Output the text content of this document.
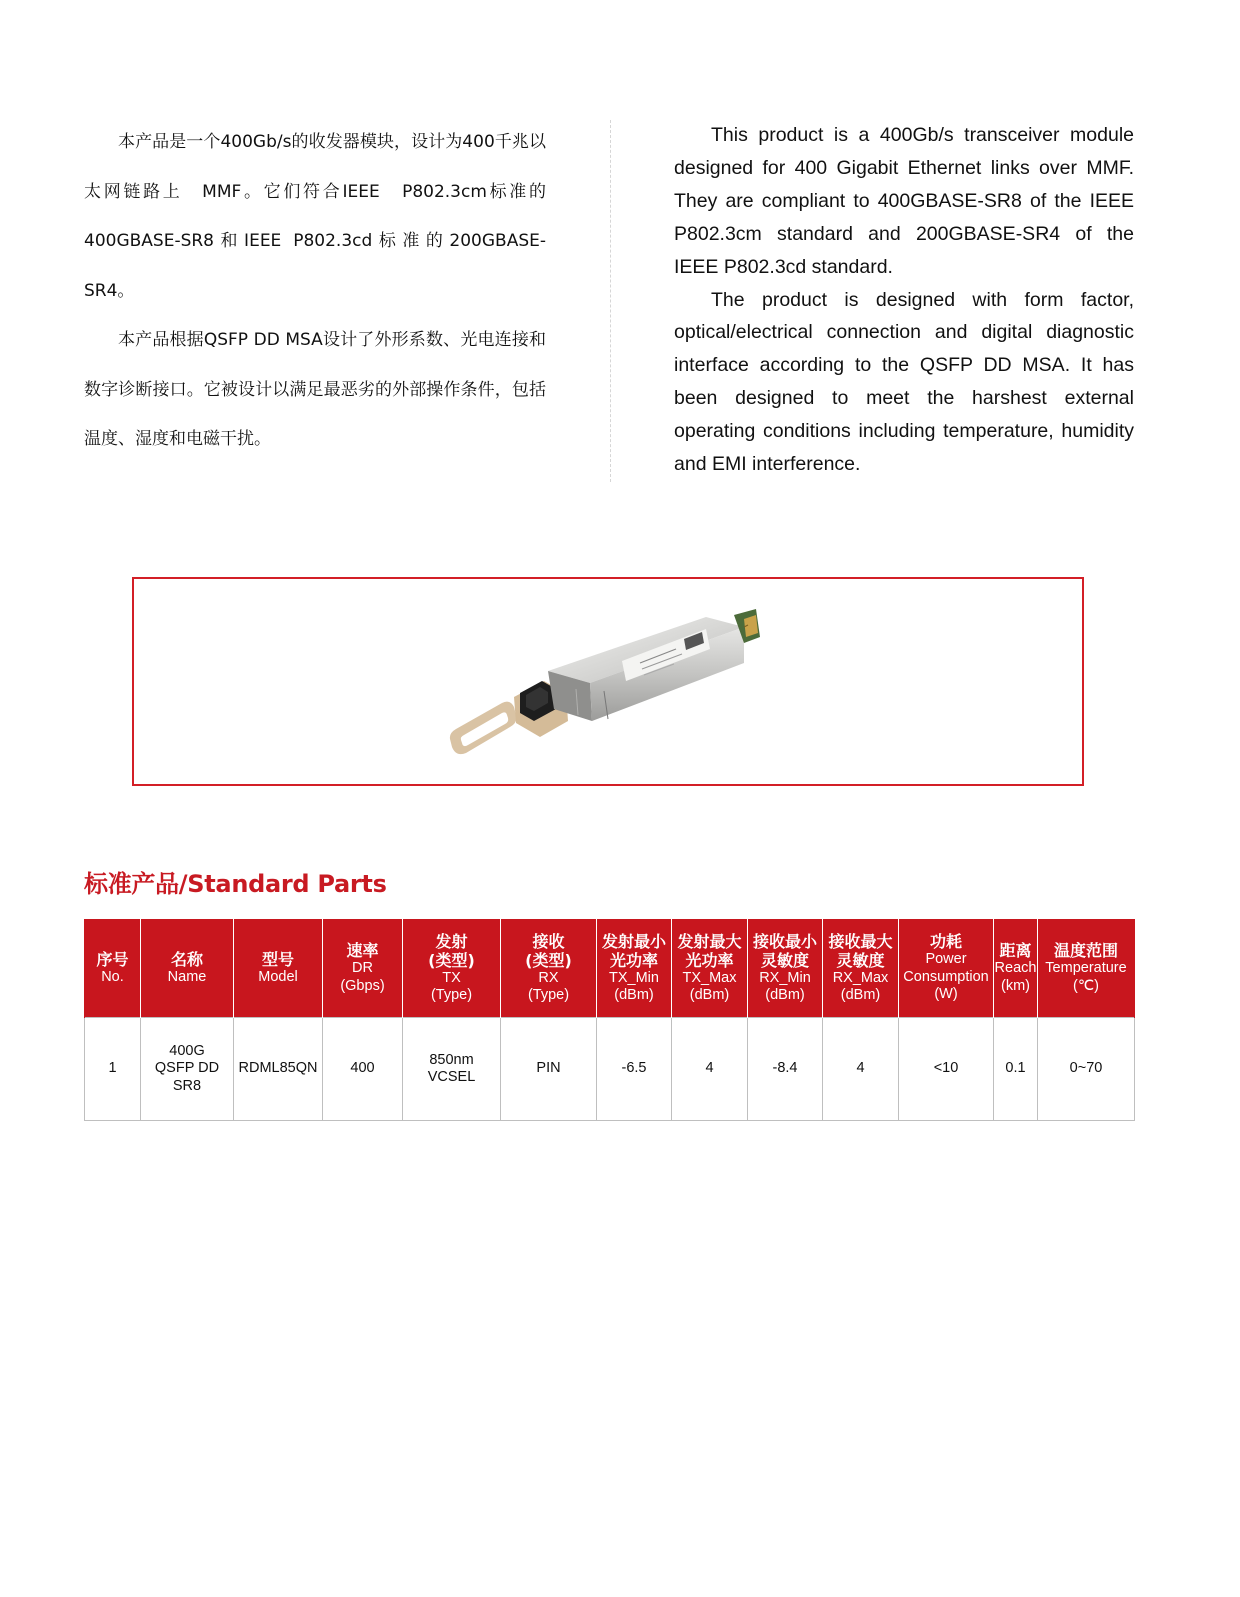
本产品是一个400Gb/s的收发器模块，设计为400千兆以太网链路上　MMF。它们符合IEEE　P802.3cm标准的400GBASE-SR8和IEEE P802.3cd标准的200GBASE-SR4。

本产品根据QSFP DD MSA设计了外形系数、光电连接和数字诊断接口。它被设计以满足最恶劣的外部操作条件，包括温度、湿度和电磁干扰。

This product is a 400Gb/s transceiver module designed for 400 Gigabit Ethernet links over MMF. They are compliant to 400GBASE-SR8 of the IEEE P802.3cm standard and 200GBASE-SR4 of the IEEE P802.3cd standard.

The product is designed with form factor, optical/electrical connection and digital diagnostic interface according to the QSFP DD MSA. It has been designed to meet the harshest external operating conditions including temperature, humidity and EMI interference.

标准产品/Standard Parts
序号
No.	名称
Name	型号
Model	速率
DR
(Gbps)	发射
(类型)
TX
(Type)	接收
(类型)
RX
(Type)	发射最小
光功率
TX_Min
(dBm)	发射最大
光功率
TX_Max
(dBm)	接收最小
灵敏度
RX_Min
(dBm)	接收最大
灵敏度
RX_Max
(dBm)	功耗
Power
Consumption
(W)	距离
Reach
(km)	温度范围
Temperature
(℃)

1	400G
QSFP DD
SR8	RDML85QN	400	850nm
VCSEL	PIN	-6.5	4	-8.4	4	<10	0.1	0~70
